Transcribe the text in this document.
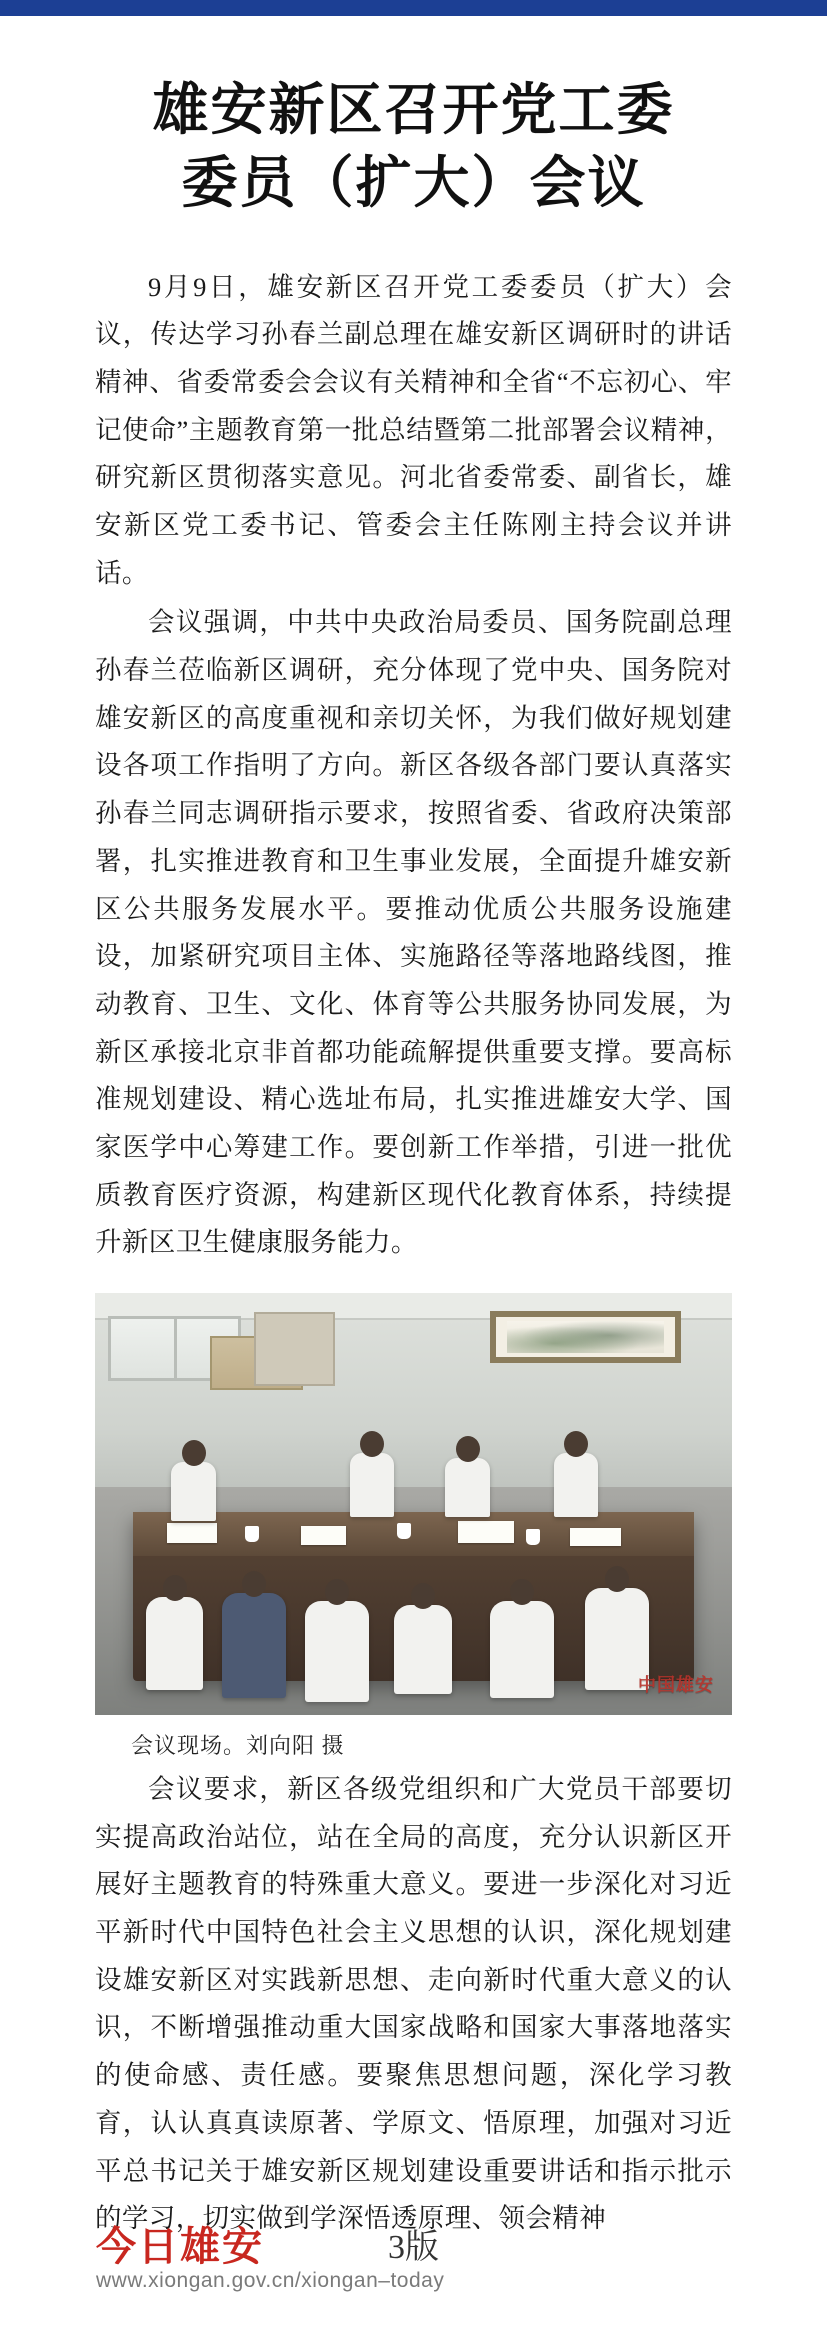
雄安新区召开党工委
委员（扩大）会议

9月9日，雄安新区召开党工委委员（扩大）会议，传达学习孙春兰副总理在雄安新区调研时的讲话精神、省委常委会会议有关精神和全省“不忘初心、牢记使命”主题教育第一批总结暨第二批部署会议精神，研究新区贯彻落实意见。河北省委常委、副省长，雄安新区党工委书记、管委会主任陈刚主持会议并讲话。

会议强调，中共中央政治局委员、国务院副总理孙春兰莅临新区调研，充分体现了党中央、国务院对雄安新区的高度重视和亲切关怀，为我们做好规划建设各项工作指明了方向。新区各级各部门要认真落实孙春兰同志调研指示要求，按照省委、省政府决策部署，扎实推进教育和卫生事业发展，全面提升雄安新区公共服务发展水平。要推动优质公共服务设施建设，加紧研究项目主体、实施路径等落地路线图，推动教育、卫生、文化、体育等公共服务协同发展，为新区承接北京非首都功能疏解提供重要支撑。要高标准规划建设、精心选址布局，扎实推进雄安大学、国家医学中心筹建工作。要创新工作举措，引进一批优质教育医疗资源，构建新区现代化教育体系，持续提升新区卫生健康服务能力。

中国雄安
会议现场。刘向阳 摄

会议要求，新区各级党组织和广大党员干部要切实提高政治站位，站在全局的高度，充分认识新区开展好主题教育的特殊重大意义。要进一步深化对习近平新时代中国特色社会主义思想的认识，深化规划建设雄安新区对实践新思想、走向新时代重大意义的认识，不断增强推动重大国家战略和国家大事落地落实的使命感、责任感。要聚焦思想问题，深化学习教育，认认真真读原著、学原文、悟原理，加强对习近平总书记关于雄安新区规划建设重要讲话和指示批示的学习，切实做到学深悟透原理、领会精神

今日雄安
www.xiongan.gov.cn/xiongan–today
3版
